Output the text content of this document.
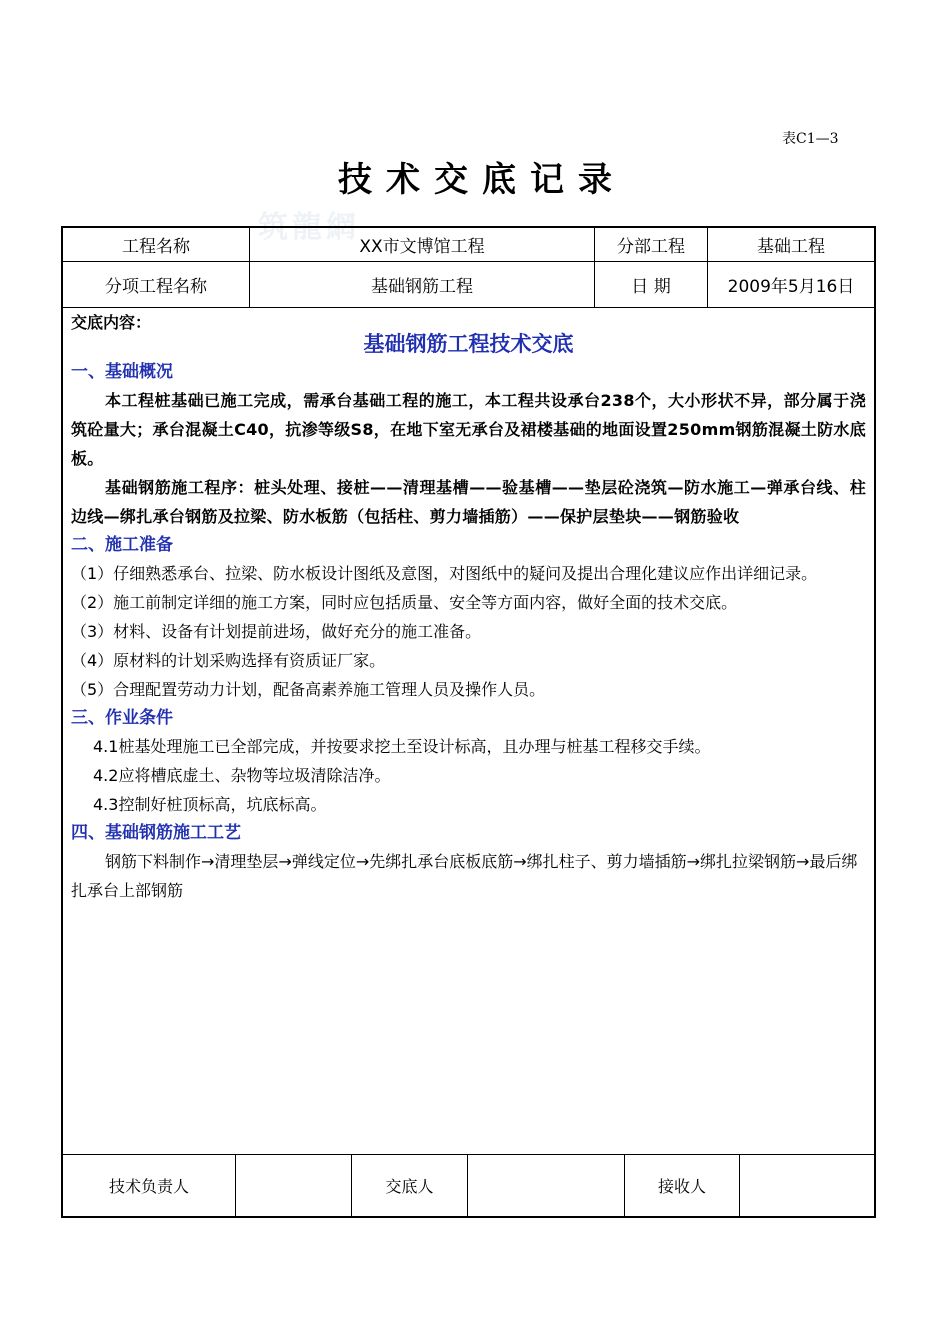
表C1—3
技术交底记录
筑龍網
工程名称	XX市文博馆工程	分部工程	基础工程
分项工程名称	基础钢筋工程	日 期	2009年5月16日
交底内容：
基础钢筋工程技术交底
一、基础概况
本工程桩基础已施工完成，需承台基础工程的施工，本工程共设承台238个，大小形状不异，部分属于浇筑砼量大；承台混凝土C40，抗渗等级S8，在地下室无承台及裙楼基础的地面设置250mm钢筋混凝土防水底板。
基础钢筋施工程序：桩头处理、接桩——清理基槽——验基槽——垫层砼浇筑—防水施工—弹承台线、柱边线—绑扎承台钢筋及拉梁、防水板筋（包括柱、剪力墙插筋）——保护层垫块——钢筋验收
二、施工准备
（1）仔细熟悉承台、拉梁、防水板设计图纸及意图，对图纸中的疑问及提出合理化建议应作出详细记录。
（2）施工前制定详细的施工方案，同时应包括质量、安全等方面内容，做好全面的技术交底。
（3）材料、设备有计划提前进场，做好充分的施工准备。
（4）原材料的计划采购选择有资质证厂家。
（5）合理配置劳动力计划，配备高素养施工管理人员及操作人员。
三、作业条件
4.1桩基处理施工已全部完成，并按要求挖土至设计标高，且办理与桩基工程移交手续。
4.2应将槽底虚土、杂物等垃圾清除洁净。
4.3控制好桩顶标高，坑底标高。
四、基础钢筋施工工艺
钢筋下料制作→清理垫层→弹线定位→先绑扎承台底板底筋→绑扎柱子、剪力墙插筋→绑扎拉梁钢筋→最后绑扎承台上部钢筋
技术负责人	交底人	接收人
